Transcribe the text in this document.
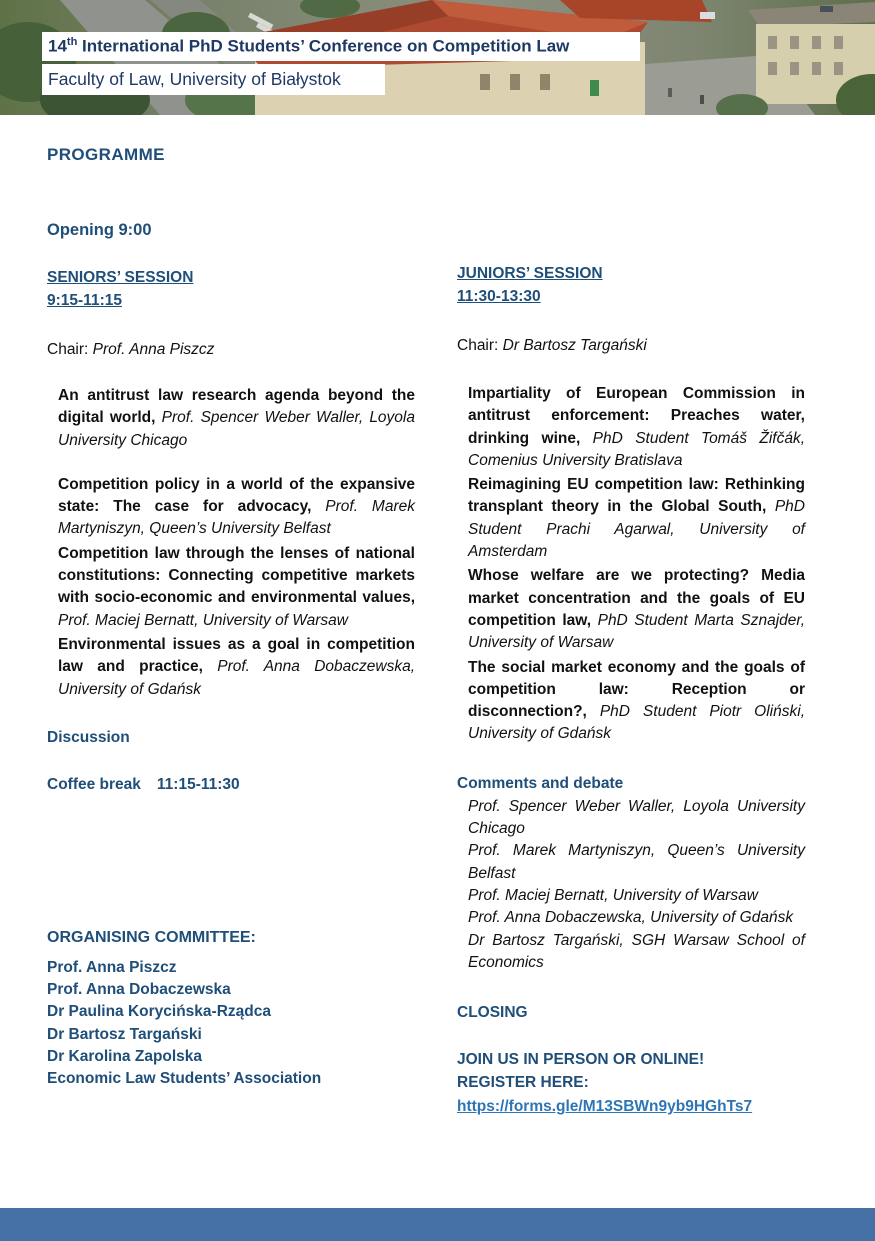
14th International PhD Students’ Conference on Competition Law
Faculty of Law, University of Białystok
PROGRAMME
Opening 9:00
SENIORS’ SESSION
9:15-11:15

Chair: Prof. Anna Piszcz

An antitrust law research agenda beyond the digital world, Prof. Spencer Weber Waller, Loyola University Chicago

Competition policy in a world of the expansive state: The case for advocacy, Prof. Marek Martyniszyn, Queen’s University Belfast

Competition law through the lenses of national constitutions: Connecting competitive markets with socio-economic and environmental values, Prof. Maciej Bernatt, University of Warsaw

Environmental issues as a goal in competition law and practice, Prof. Anna Dobaczewska, University of Gdańsk

Discussion
Coffee break 11:15-11:30
ORGANISING COMMITTEE:

Prof. Anna Piszcz

Prof. Anna Dobaczewska

Dr Paulina Korycińska-Rządca

Dr Bartosz Targański

Dr Karolina Zapolska

Economic Law Students’ Association

JUNIORS’ SESSION
11:30-13:30

Chair: Dr Bartosz Targański

Impartiality of European Commission in antitrust enforcement: Preaches water, drinking wine, PhD Student Tomáš Žifčák, Comenius University Bratislava

Reimagining EU competition law: Rethinking transplant theory in the Global South, PhD Student Prachi Agarwal, University of Amsterdam

Whose welfare are we protecting? Media market concentration and the goals of EU competition law, PhD Student Marta Sznajder, University of Warsaw

The social market economy and the goals of competition law: Reception or disconnection?, PhD Student Piotr Oliński, University of Gdańsk

Comments and debate

Prof. Spencer Weber Waller, Loyola University Chicago

Prof. Marek Martyniszyn, Queen’s University Belfast

Prof. Maciej Bernatt, University of Warsaw

Prof. Anna Dobaczewska, University of Gdańsk

Dr Bartosz Targański, SGH Warsaw School of Economics

CLOSING

JOIN US IN PERSON OR ONLINE!

REGISTER HERE:

https://forms.gle/M13SBWn9yb9HGhTs7
